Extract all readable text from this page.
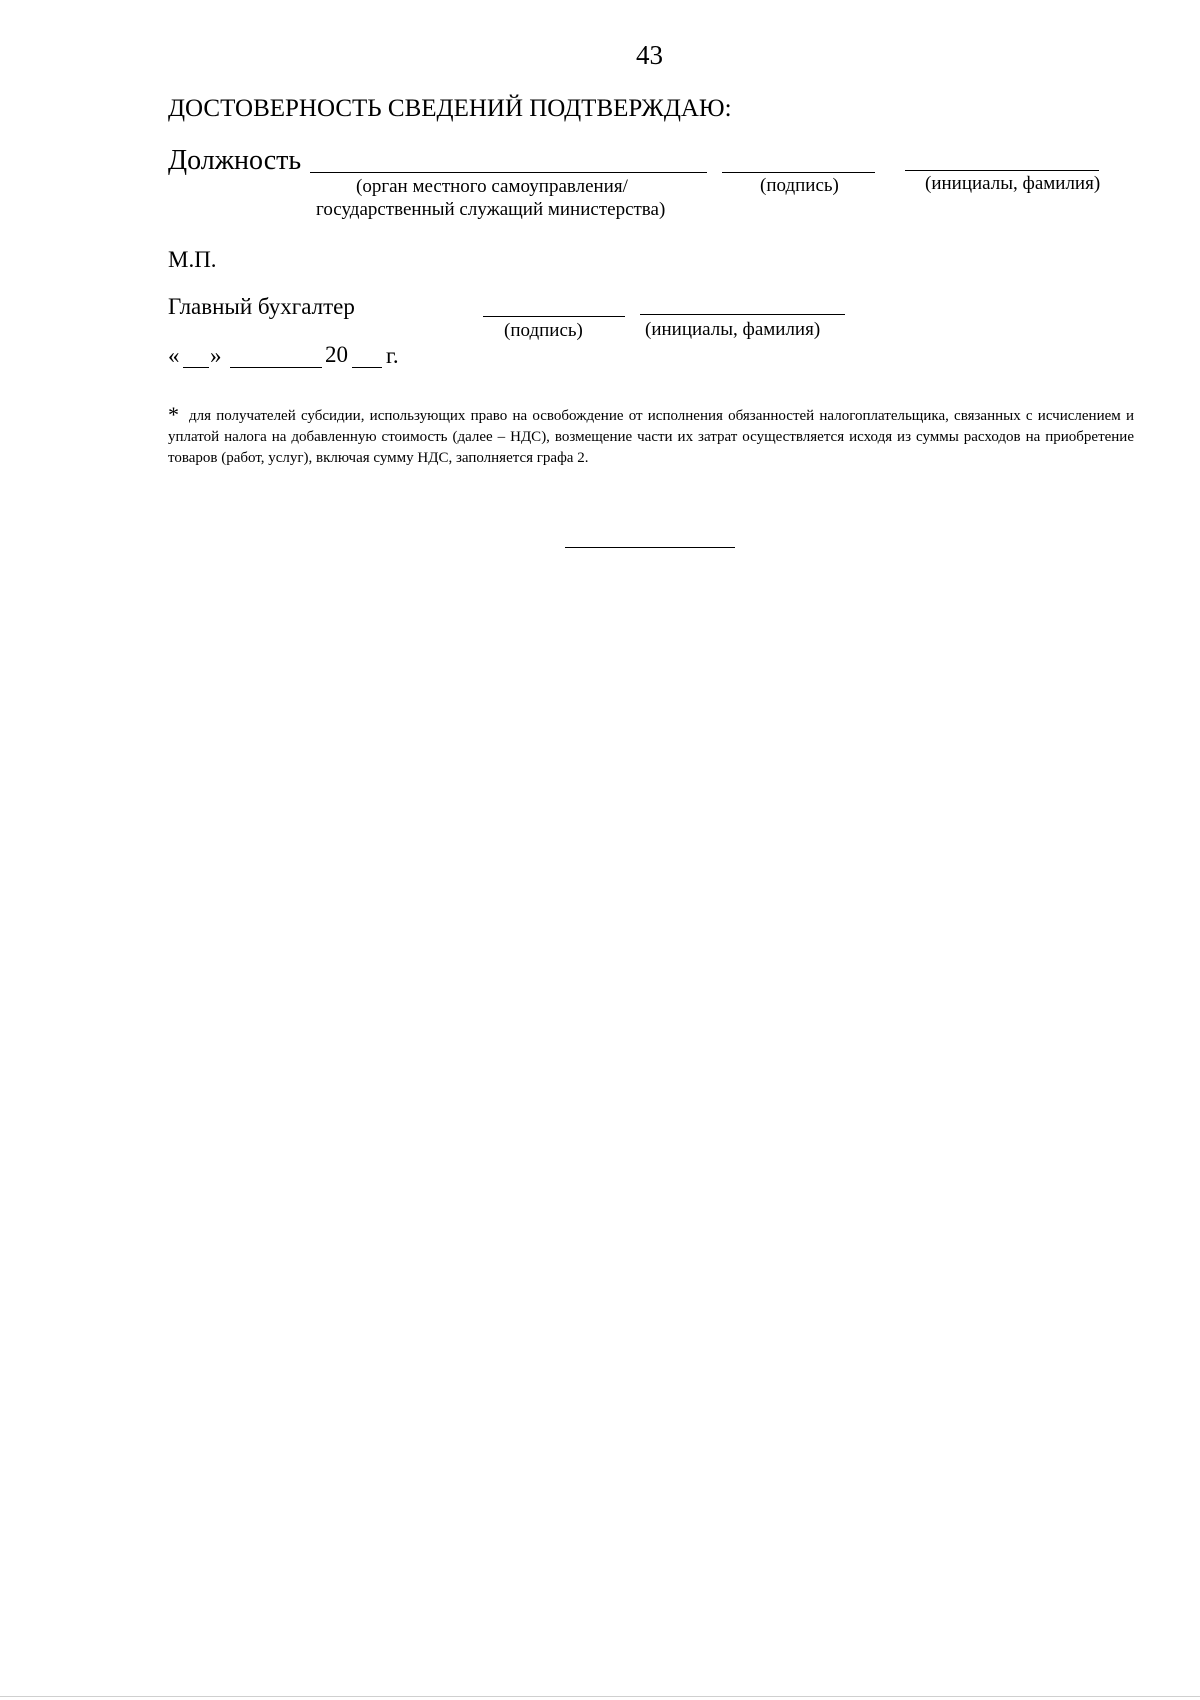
43
ДОСТОВЕРНОСТЬ СВЕДЕНИЙ ПОДТВЕРЖДАЮ:
Должность
(орган местного самоуправления/
государственный служащий министерства)
(подпись)	(инициалы, фамилия)
М.П.
Главный бухгалтер
(подпись)	(инициалы, фамилия)
« »	20 г.
* для получателей субсидии, использующих право на освобождение от исполнения обязанностей налогоплательщика, связанных с исчислением и уплатой налога на добавленную стоимость (далее – НДС), возмещение части их затрат осуществляется исходя из суммы расходов на приобретение товаров (работ, услуг), включая сумму НДС, заполняется графа 2.
